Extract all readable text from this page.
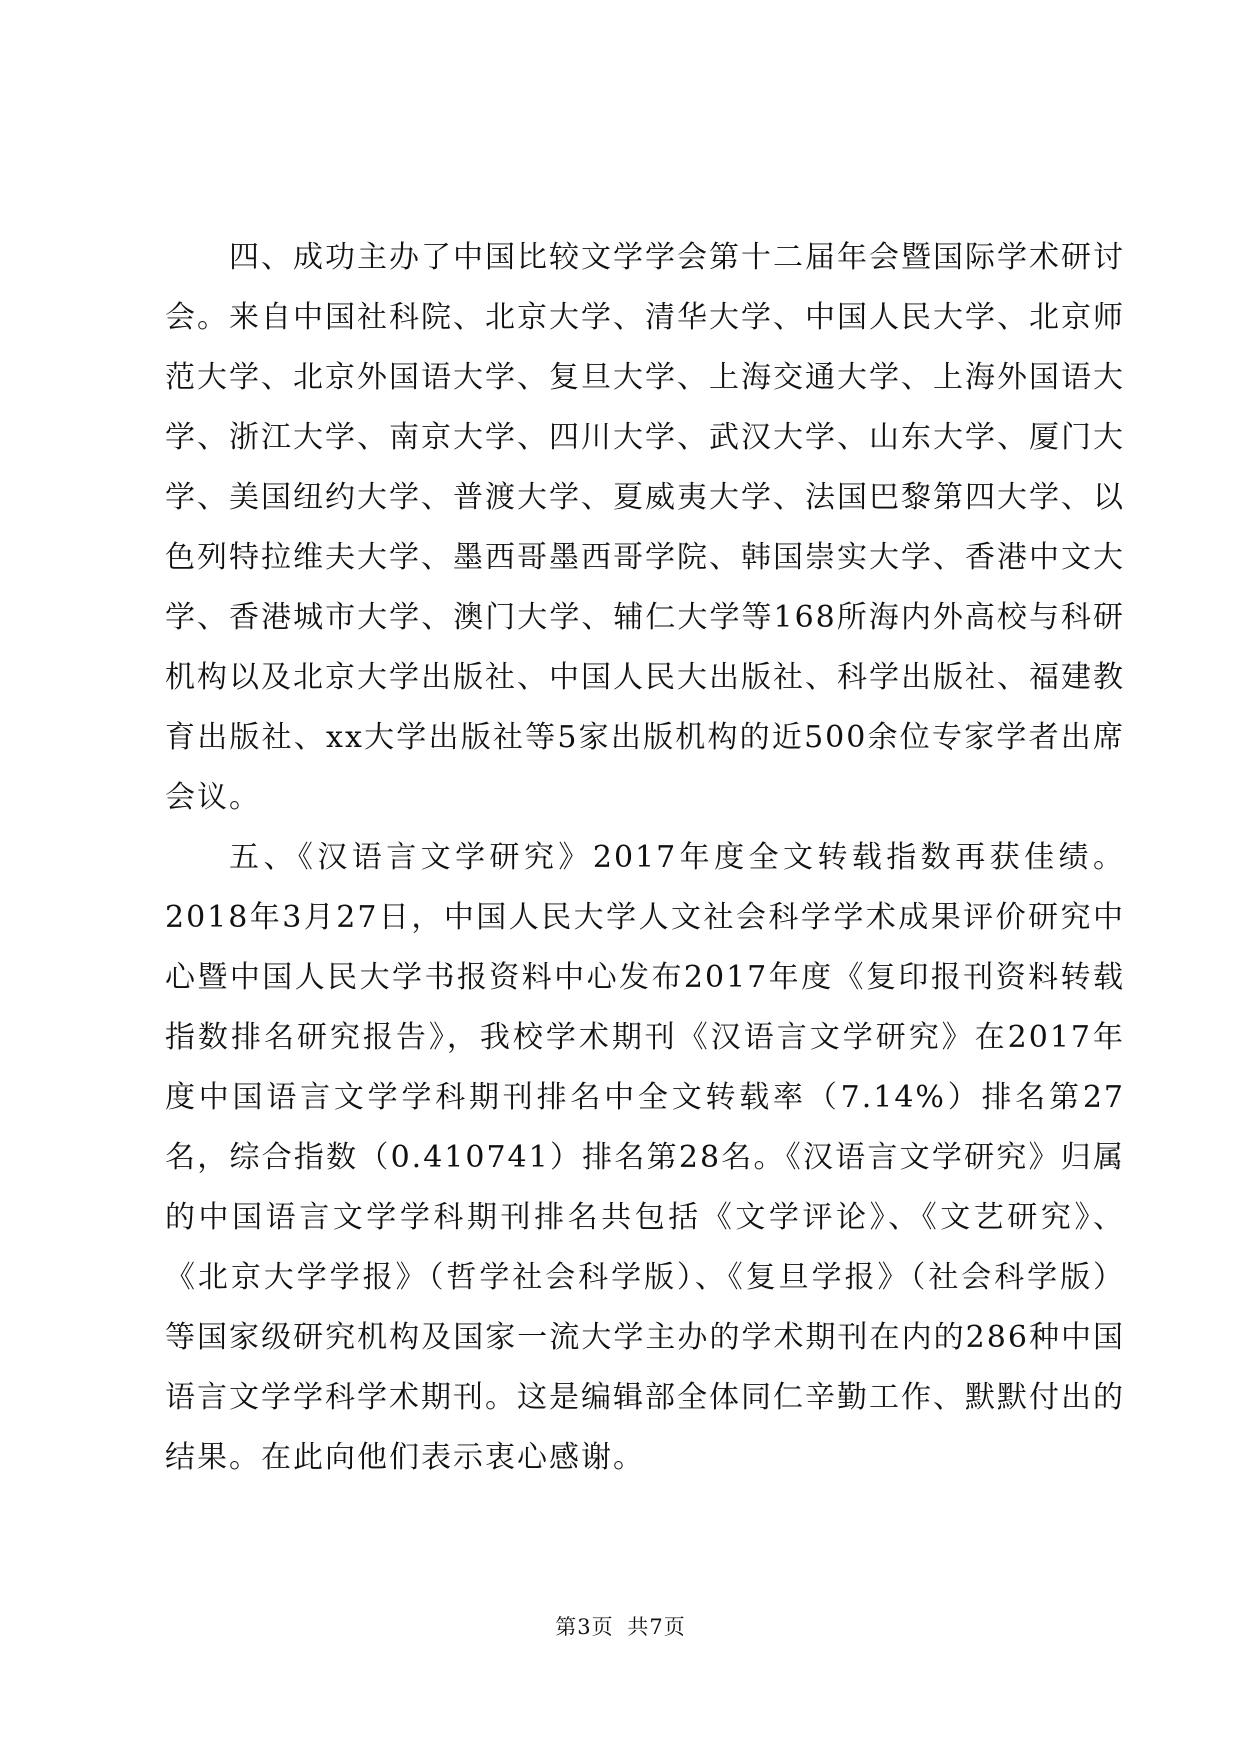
四、成功主办了中国比较文学学会第十二届年会暨国际学术研讨会。来自中国社科院、北京大学、清华大学、中国人民大学、北京师范大学、北京外国语大学、复旦大学、上海交通大学、上海外国语大学、浙江大学、南京大学、四川大学、武汉大学、山东大学、厦门大学、美国纽约大学、普渡大学、夏威夷大学、法国巴黎第四大学、以色列特拉维夫大学、墨西哥墨西哥学院、韩国崇实大学、香港中文大学、香港城市大学、澳门大学、辅仁大学等168所海内外高校与科研机构以及北京大学出版社、中国人民大出版社、科学出版社、福建教育出版社、xx大学出版社等5家出版机构的近500余位专家学者出席会议。

五、《汉语言文学研究》2017年度全文转载指数再获佳绩。2018年3月27日，中国人民大学人文社会科学学术成果评价研究中心暨中国人民大学书报资料中心发布2017年度《复印报刊资料转载指数排名研究报告》，我校学术期刊《汉语言文学研究》在2017年度中国语言文学学科期刊排名中全文转载率（7.14%）排名第27名，综合指数（0.410741）排名第28名。《汉语言文学研究》归属的中国语言文学学科期刊排名共包括《文学评论》、《文艺研究》、《北京大学学报》（哲学社会科学版）、《复旦学报》（社会科学版）等国家级研究机构及国家一流大学主办的学术期刊在内的286种中国语言文学学科学术期刊。这是编辑部全体同仁辛勤工作、默默付出的结果。在此向他们表示衷心感谢。

第3页 共7页
